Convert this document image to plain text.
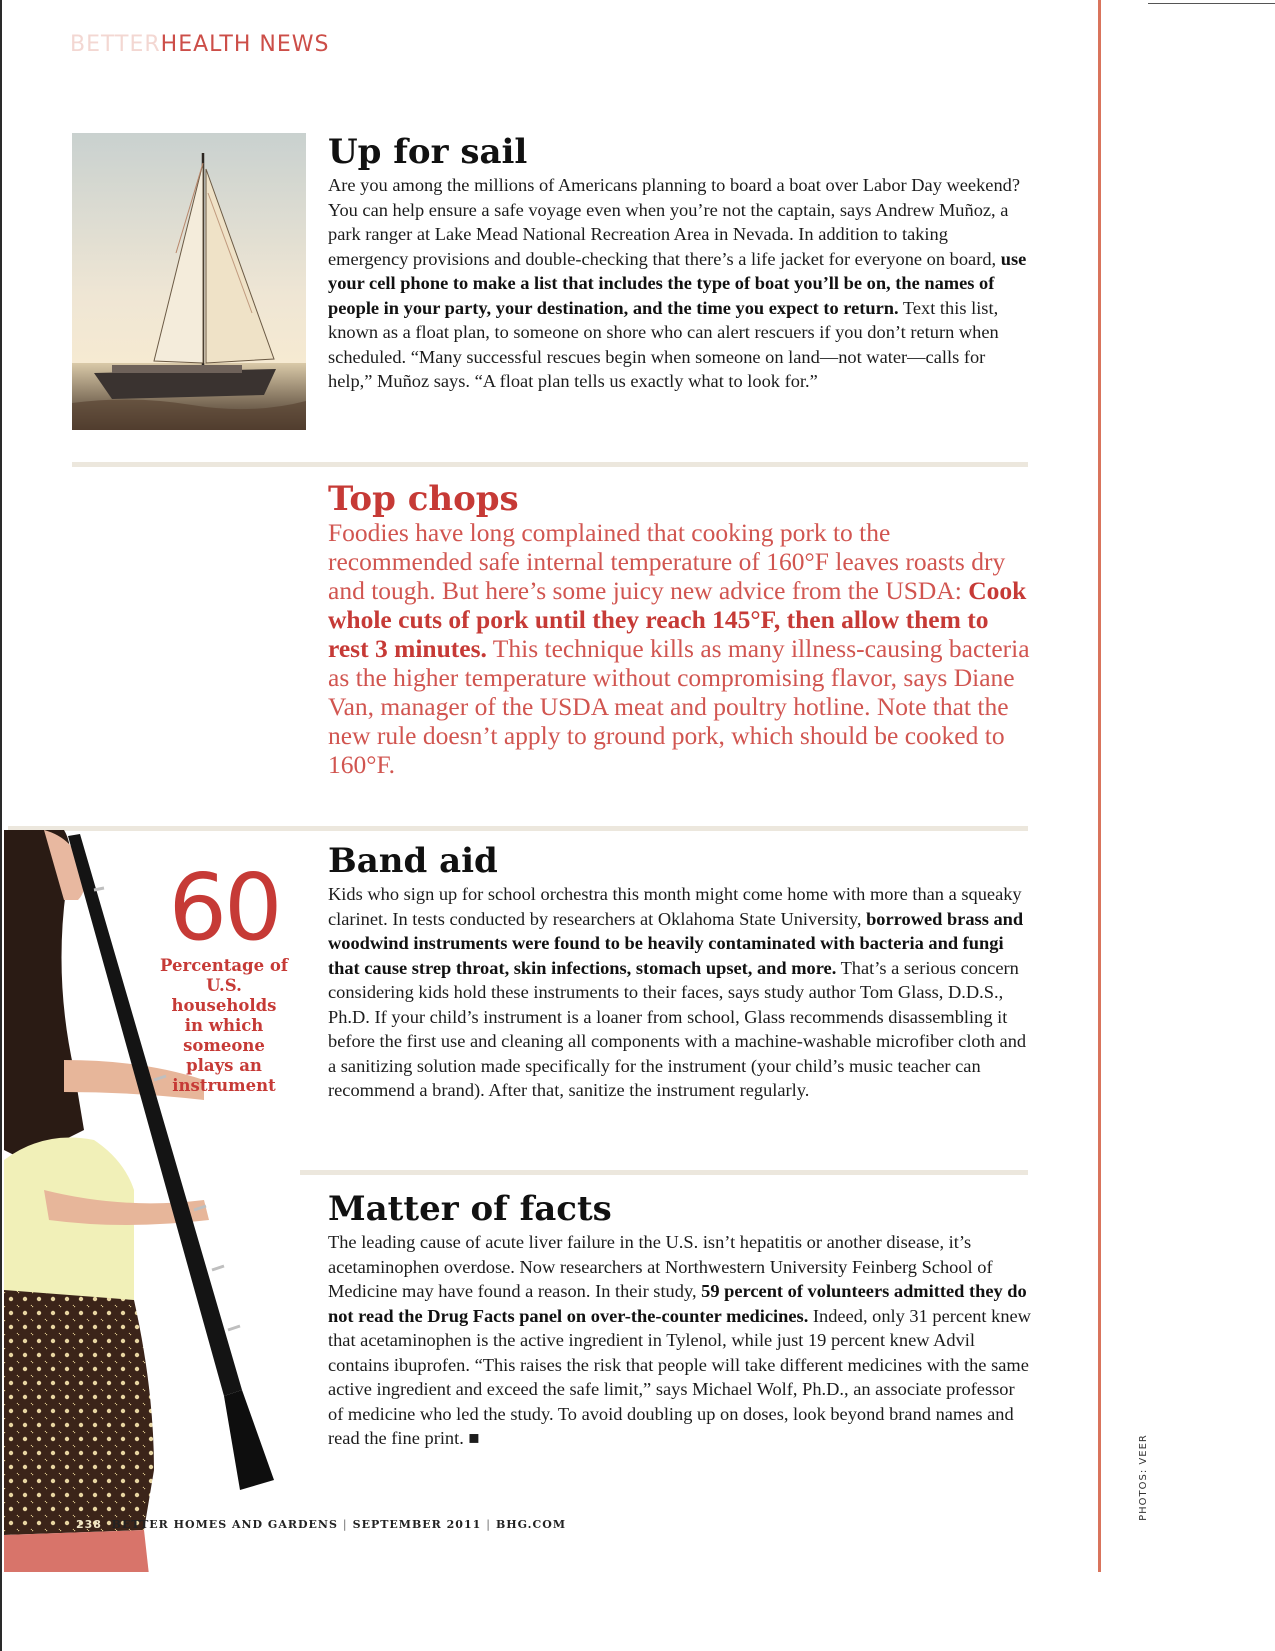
BETTERHEALTH NEWS

Up for sail

Are you among the millions of Americans planning to board a boat over Labor Day weekend? You can help ensure a safe voyage even when you’re not the captain, says Andrew Muñoz, a park ranger at Lake Mead National Recreation Area in Nevada. In addition to taking emergency provisions and double-checking that there’s a life jacket for everyone on board, use your cell phone to make a list that includes the type of boat you’ll be on, the names of people in your party, your destination, and the time you expect to return. Text this list, known as a float plan, to someone on shore who can alert rescuers if you don’t return when scheduled. “Many successful rescues begin when someone on land—not water—calls for help,” Muñoz says. “A float plan tells us exactly what to look for.”

Top chops

Foodies have long complained that cooking pork to the recommended safe internal temperature of 160°F leaves roasts dry and tough. But here’s some juicy new advice from the USDA: Cook whole cuts of pork until they reach 145°F, then allow them to rest 3 minutes. This technique kills as many illness-causing bacteria as the higher temperature without compromising flavor, says Diane Van, manager of the USDA meat and poultry hotline. Note that the new rule doesn’t apply to ground pork, which should be cooked to 160°F.

60

Percentage of U.S. households in which someone plays an instrument

Band aid

Kids who sign up for school orchestra this month might come home with more than a squeaky clarinet. In tests conducted by researchers at Oklahoma State University, borrowed brass and woodwind instruments were found to be heavily contaminated with bacteria and fungi that cause strep throat, skin infections, stomach upset, and more. That’s a serious concern considering kids hold these instruments to their faces, says study author Tom Glass, D.D.S., Ph.D. If your child’s instrument is a loaner from school, Glass recommends disassembling it before the first use and cleaning all components with a machine-washable microfiber cloth and a sanitizing solution made specifically for the instrument (your child’s music teacher can recommend a brand). After that, sanitize the instrument regularly.

Matter of facts

The leading cause of acute liver failure in the U.S. isn’t hepatitis or another disease, it’s acetaminophen overdose. Now researchers at Northwestern University Feinberg School of Medicine may have found a reason. In their study, 59 percent of volunteers admitted they do not read the Drug Facts panel on over-the-counter medicines. Indeed, only 31 percent knew that acetaminophen is the active ingredient in Tylenol, while just 19 percent knew Advil contains ibuprofen. “This raises the risk that people will take different medicines with the same active ingredient and exceed the safe limit,” says Michael Wolf, Ph.D., an associate professor of medicine who led the study. To avoid doubling up on doses, look beyond brand names and read the fine print. ■

238 BETTER HOMES AND GARDENS | SEPTEMBER 2011 | BHG.COM

PHOTOS: VEER
